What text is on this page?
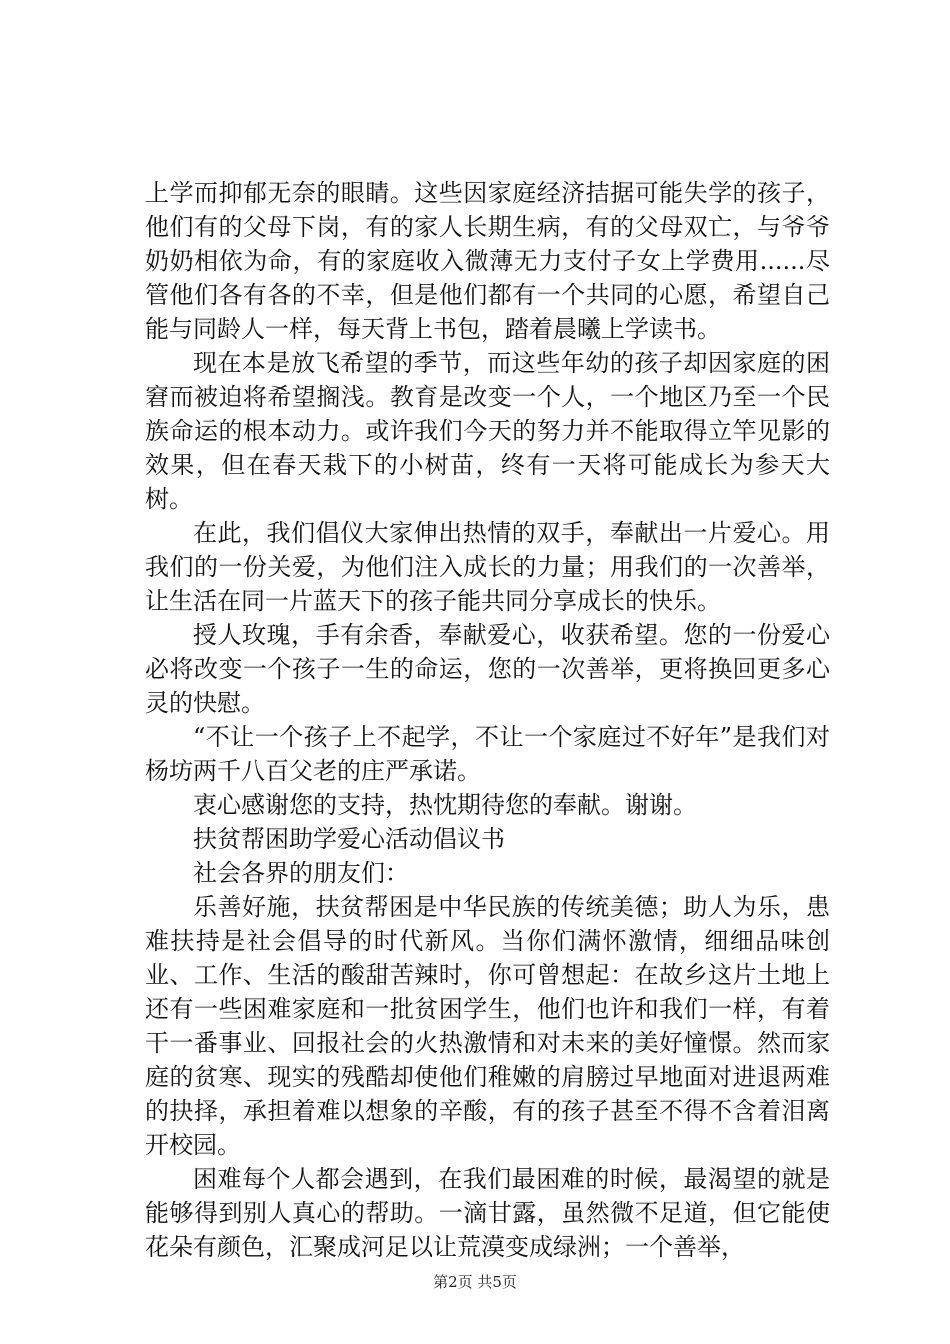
上学而抑郁无奈的眼睛。这些因家庭经济拮据可能失学的孩子，他们有的父母下岗，有的家人长期生病，有的父母双亡，与爷爷奶奶相依为命，有的家庭收入微薄无力支付子女上学费用......尽管他们各有各的不幸，但是他们都有一个共同的心愿，希望自己能与同龄人一样，每天背上书包，踏着晨曦上学读书。

现在本是放飞希望的季节，而这些年幼的孩子却因家庭的困窘而被迫将希望搁浅。教育是改变一个人，一个地区乃至一个民族命运的根本动力。或许我们今天的努力并不能取得立竿见影的效果，但在春天栽下的小树苗，终有一天将可能成长为参天大树。

在此，我们倡仪大家伸出热情的双手，奉献出一片爱心。用我们的一份关爱，为他们注入成长的力量；用我们的一次善举，让生活在同一片蓝天下的孩子能共同分享成长的快乐。

授人玫瑰，手有余香，奉献爱心，收获希望。您的一份爱心必将改变一个孩子一生的命运，您的一次善举，更将换回更多心灵的快慰。

“不让一个孩子上不起学，不让一个家庭过不好年”是我们对杨坊两千八百父老的庄严承诺。

衷心感谢您的支持，热忱期待您的奉献。谢谢。

扶贫帮困助学爱心活动倡议书

社会各界的朋友们：

乐善好施，扶贫帮困是中华民族的传统美德；助人为乐，患难扶持是社会倡导的时代新风。当你们满怀激情，细细品味创业、工作、生活的酸甜苦辣时，你可曾想起：在故乡这片土地上还有一些困难家庭和一批贫困学生，他们也许和我们一样，有着干一番事业、回报社会的火热激情和对未来的美好憧憬。然而家庭的贫寒、现实的残酷却使他们稚嫩的肩膀过早地面对进退两难的抉择，承担着难以想象的辛酸，有的孩子甚至不得不含着泪离开校园。

困难每个人都会遇到，在我们最困难的时候，最渴望的就是能够得到别人真心的帮助。一滴甘露，虽然微不足道，但它能使花朵有颜色，汇聚成河足以让荒漠变成绿洲；一个善举，

第2页 共5页
